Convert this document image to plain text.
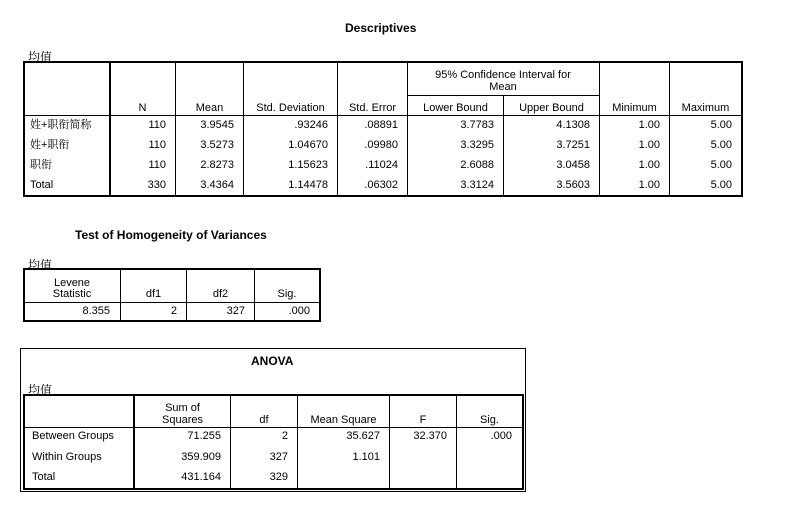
Descriptives
均值
95% Confidence Interval for
Mean
N	Mean	Std. Deviation	Std. Error	Lower Bound	Upper Bound	Minimum	Maximum
姓+职衔简称	110	3.9545	.93246	.08891	3.7783	4.1308	1.00	5.00
姓+职衔	110	3.5273	1.04670	.09980	3.3295	3.7251	1.00	5.00
职衔	110	2.8273	1.15623	.11024	2.6088	3.0458	1.00	5.00
Total	330	3.4364	1.14478	.06302	3.3124	3.5603	1.00	5.00
Test of Homogeneity of Variances
均值
Levene
Statistic	df1	df2	Sig.
8.355	2	327	.000
ANOVA
均值
Sum of
Squares	df	Mean Square	F	Sig.
Between Groups	71.255	2	35.627	32.370	.000
Within Groups	359.909	327	1.101
Total	431.164	329
